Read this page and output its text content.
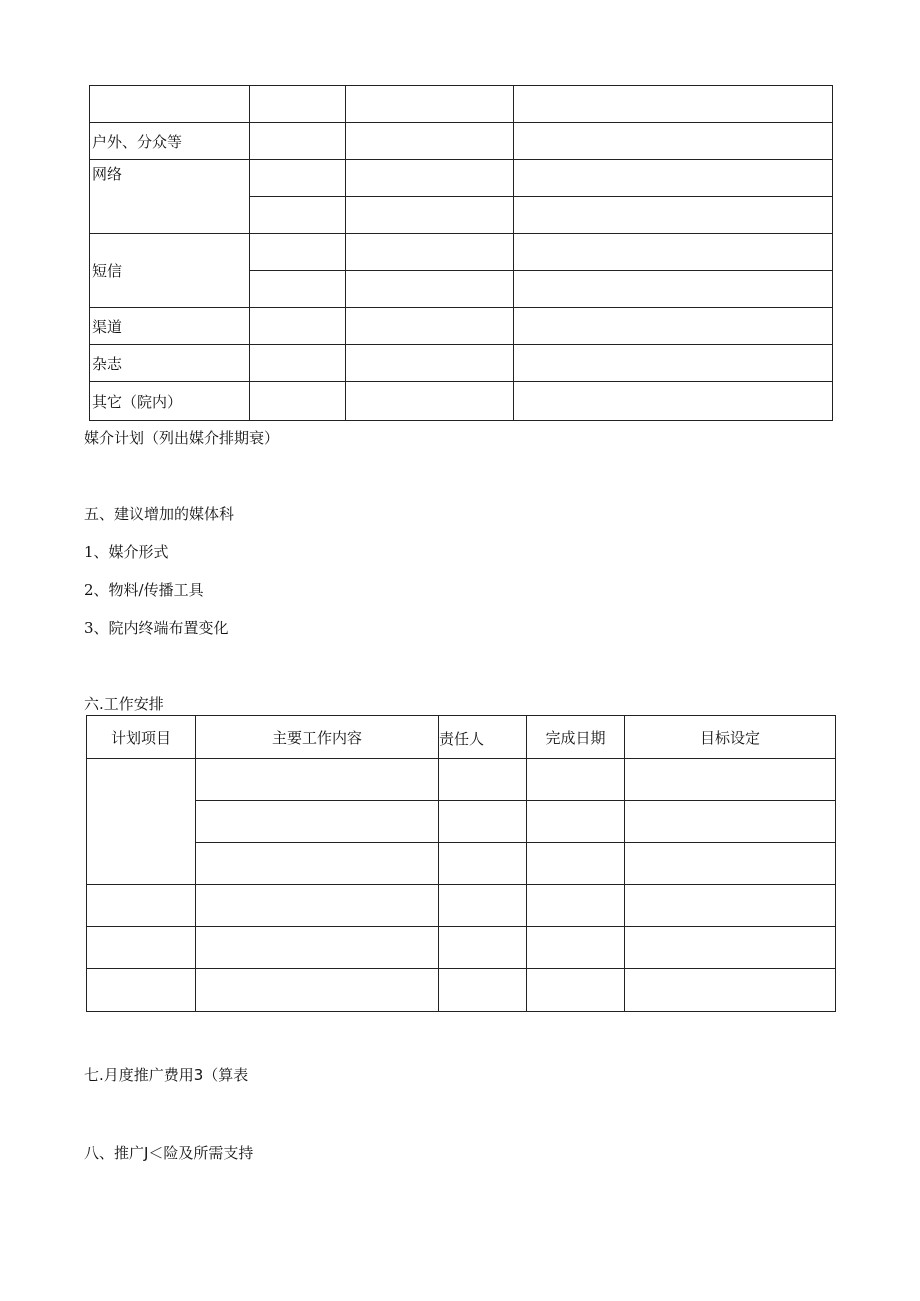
户外、分众等			

网络			

短信			

渠道			
杂志			
其它（院内）			
媒介计划（列出媒介排期衰）
五、建议增加的媒体科
1、媒介形式
2、物料/传播工具
3、院内终端布置变化
六.工作安排
计划项目	主要工作内容	责任人	完成日期	目标设定

七.月度推广费用3（算表
八、推广J＜险及所需支持
